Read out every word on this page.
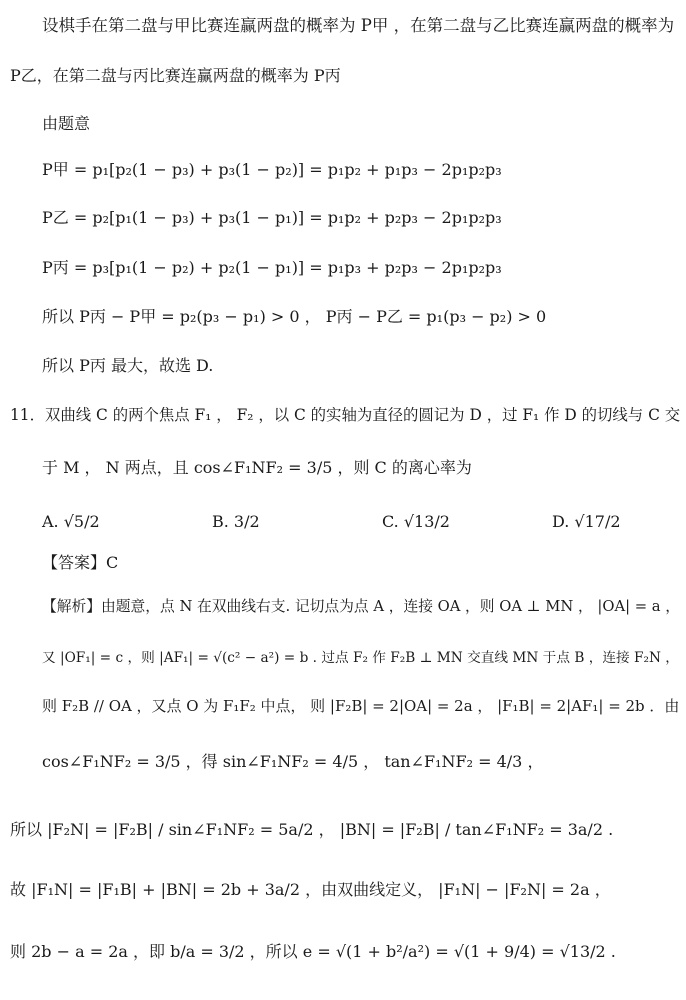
设棋手在第二盘与甲比赛连赢两盘的概率为 P甲 ，在第二盘与乙比赛连赢两盘的概率为
P乙，在第二盘与丙比赛连赢两盘的概率为 P丙
由题意
P甲 = p₁[p₂(1 − p₃) + p₃(1 − p₂)] = p₁p₂ + p₁p₃ − 2p₁p₂p₃
P乙 = p₂[p₁(1 − p₃) + p₃(1 − p₁)] = p₁p₂ + p₂p₃ − 2p₁p₂p₃
P丙 = p₃[p₁(1 − p₂) + p₂(1 − p₁)] = p₁p₃ + p₂p₃ − 2p₁p₂p₃
所以 P丙 − P甲 = p₂(p₃ − p₁) > 0 ， P丙 − P乙 = p₁(p₃ − p₂) > 0
所以 P丙 最大，故选 D.
11．双曲线 C 的两个焦点 F₁ ， F₂ ，以 C 的实轴为直径的圆记为 D ，过 F₁ 作 D 的切线与 C 交
于 M ， N 两点，且 cos∠F₁NF₂ = 3/5 ，则 C 的离心率为
A. √5/2	B. 3/2	C. √13/2	D. √17/2
【答案】C
【解析】由题意，点 N 在双曲线右支. 记切点为点 A ，连接 OA ，则 OA ⊥ MN ， |OA| = a ，
又 |OF₁| = c ，则 |AF₁| = √(c² − a²) = b . 过点 F₂ 作 F₂B ⊥ MN 交直线 MN 于点 B ，连接 F₂N ，
则 F₂B // OA ，又点 O 为 F₁F₂ 中点， 则 |F₂B| = 2|OA| = 2a ， |F₁B| = 2|AF₁| = 2b ．由
cos∠F₁NF₂ = 3/5 ，得 sin∠F₁NF₂ = 4/5 ， tan∠F₁NF₂ = 4/3 ，
所以 |F₂N| = |F₂B| / sin∠F₁NF₂ = 5a/2 ， |BN| = |F₂B| / tan∠F₁NF₂ = 3a/2 .
故 |F₁N| = |F₁B| + |BN| = 2b + 3a/2 ，由双曲线定义， |F₁N| − |F₂N| = 2a ，
则 2b − a = 2a ，即 b/a = 3/2 ，所以 e = √(1 + b²/a²) = √(1 + 9/4) = √13/2 .
